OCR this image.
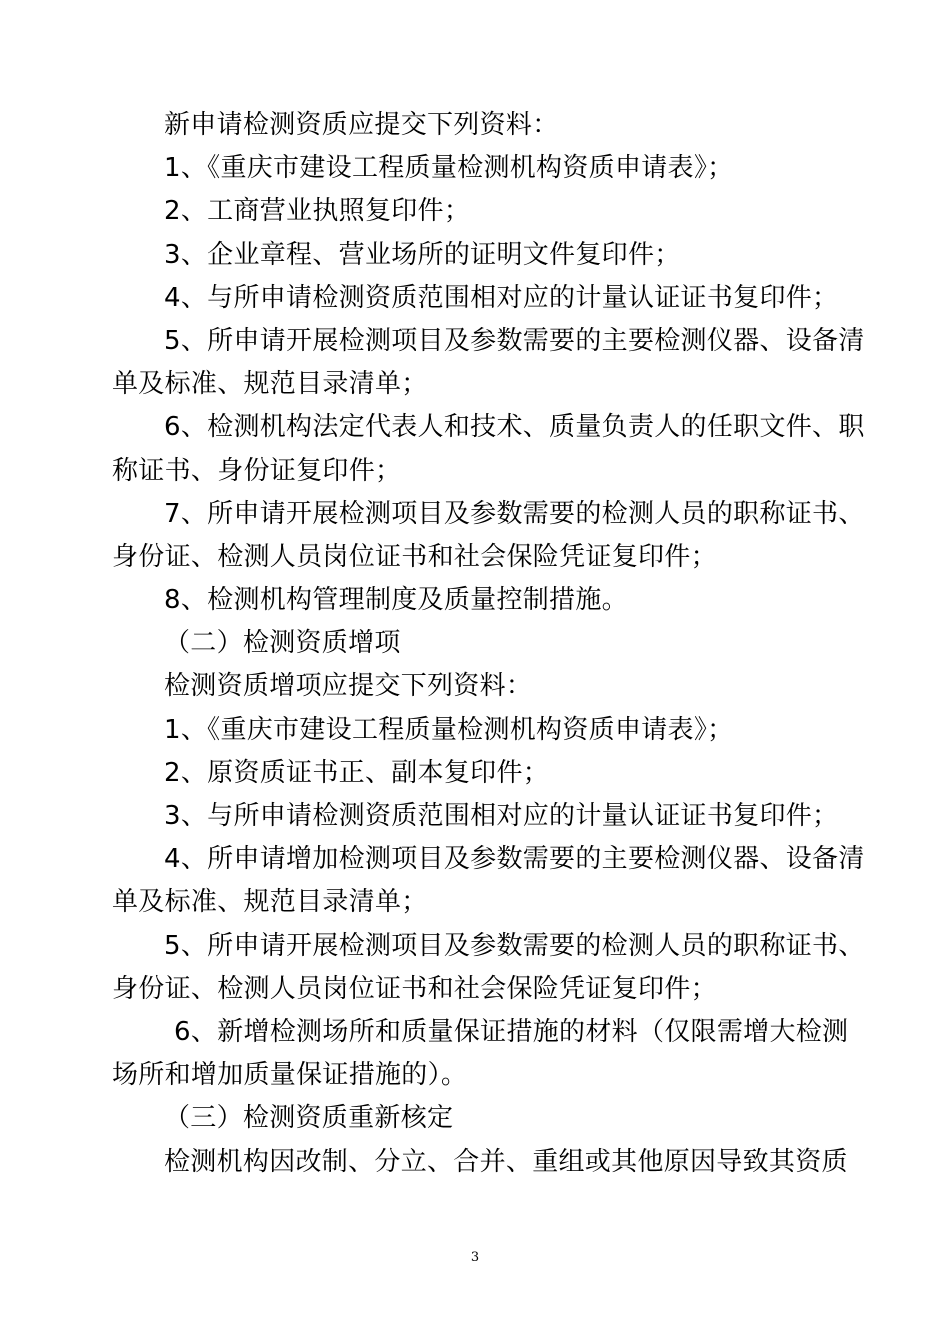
新申请检测资质应提交下列资料：
1、《重庆市建设工程质量检测机构资质申请表》；
2、工商营业执照复印件；
3、企业章程、营业场所的证明文件复印件；
4、与所申请检测资质范围相对应的计量认证证书复印件；
5、所申请开展检测项目及参数需要的主要检测仪器、设备清
单及标准、规范目录清单；
6、检测机构法定代表人和技术、质量负责人的任职文件、职
称证书、身份证复印件；
7、所申请开展检测项目及参数需要的检测人员的职称证书、
身份证、检测人员岗位证书和社会保险凭证复印件；
8、检测机构管理制度及质量控制措施。
（二）检测资质增项
检测资质增项应提交下列资料：
1、《重庆市建设工程质量检测机构资质申请表》；
2、原资质证书正、副本复印件；
3、与所申请检测资质范围相对应的计量认证证书复印件；
4、所申请增加检测项目及参数需要的主要检测仪器、设备清
单及标准、规范目录清单；
5、所申请开展检测项目及参数需要的检测人员的职称证书、
身份证、检测人员岗位证书和社会保险凭证复印件；
6、新增检测场所和质量保证措施的材料（仅限需增大检测
场所和增加质量保证措施的）。
（三）检测资质重新核定
检测机构因改制、分立、合并、重组或其他原因导致其资质
3
